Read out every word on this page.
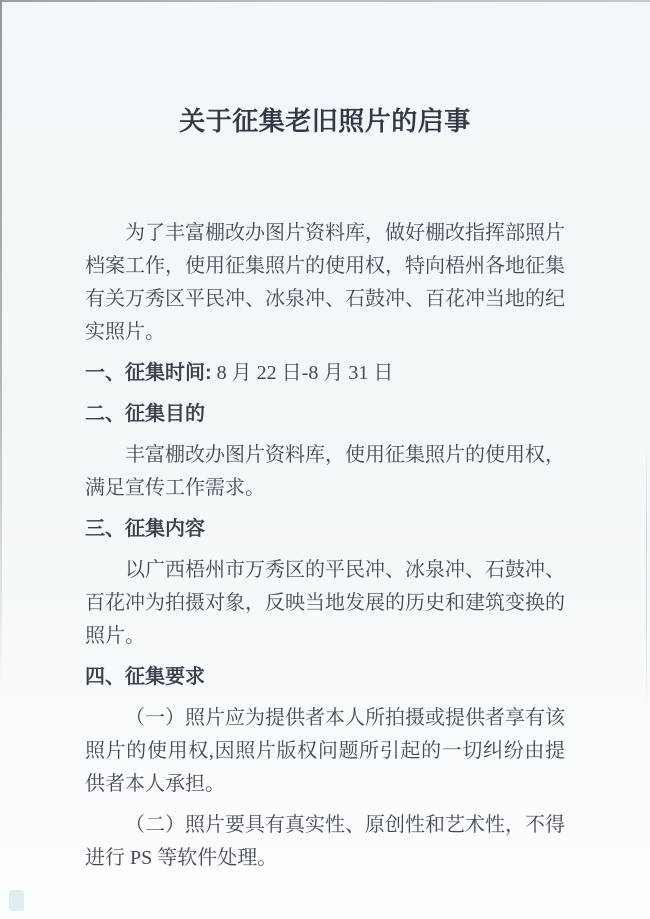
关于征集老旧照片的启事

为了丰富棚改办图片资料库，做好棚改指挥部照片档案工作，使用征集照片的使用权，特向梧州各地征集有关万秀区平民冲、冰泉冲、石鼓冲、百花冲当地的纪实照片。

一、征集时间: 8 月 22 日-8 月 31 日

二、征集目的

丰富棚改办图片资料库，使用征集照片的使用权，满足宣传工作需求。

三、征集内容

以广西梧州市万秀区的平民冲、冰泉冲、石鼓冲、百花冲为拍摄对象，反映当地发展的历史和建筑变换的照片。

四、征集要求

（一）照片应为提供者本人所拍摄或提供者享有该照片的使用权,因照片版权问题所引起的一切纠纷由提供者本人承担。

（二）照片要具有真实性、原创性和艺术性，不得进行 PS 等软件处理。
